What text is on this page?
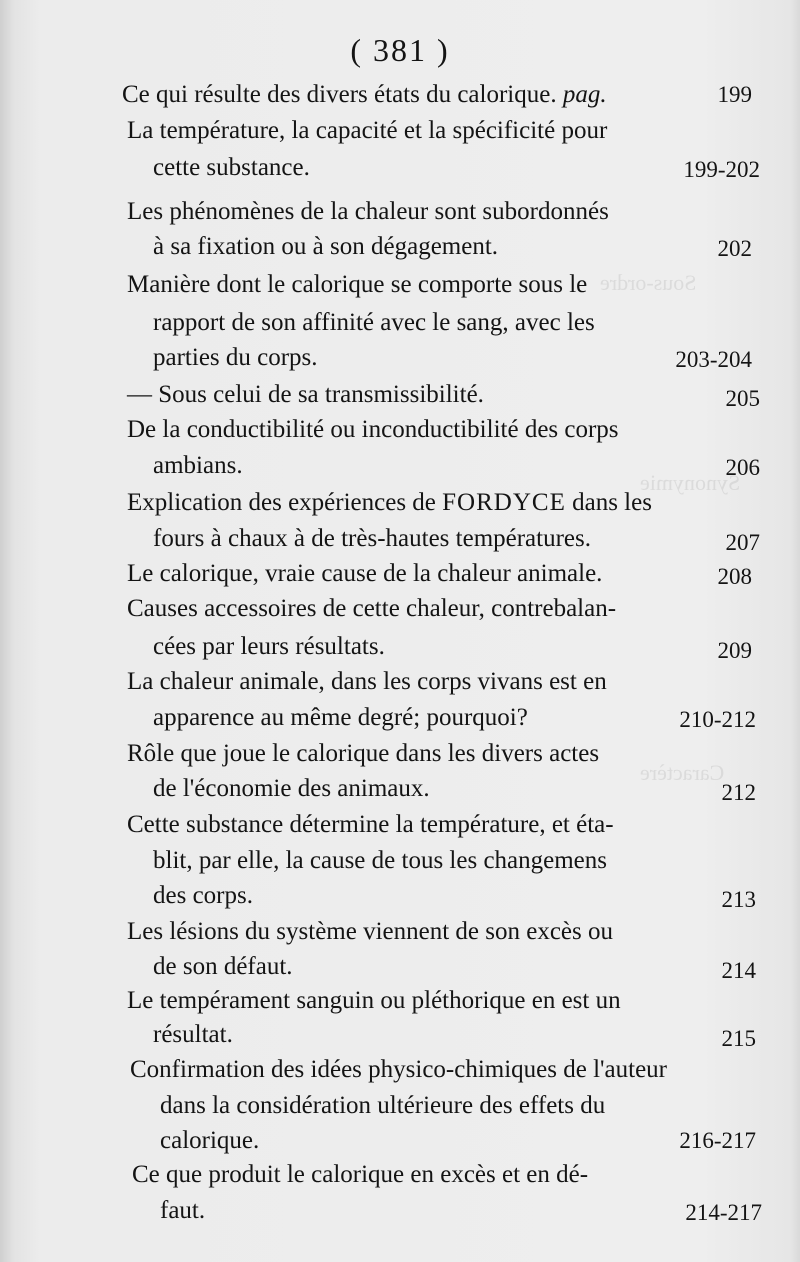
Sous-ordre
Synonymie
Caractère
( 381 )
Ce qui résulte des divers états du calorique. pag.	199
La température, la capacité et la spécificité pour
cette substance.	199-202
Les phénomènes de la chaleur sont subordonnés
à sa fixation ou à son dégagement.	202
Manière dont le calorique se comporte sous le
rapport de son affinité avec le sang, avec les
parties du corps.	203-204
— Sous celui de sa transmissibilité.	205
De la conductibilité ou inconductibilité des corps
ambians.	206
Explication des expériences de FORDYCE dans les
fours à chaux à de très-hautes températures.	207
Le calorique, vraie cause de la chaleur animale.	208
Causes accessoires de cette chaleur, contrebalan-
cées par leurs résultats.	209
La chaleur animale, dans les corps vivans est en
apparence au même degré; pourquoi?	210-212
Rôle que joue le calorique dans les divers actes
de l'économie des animaux.	212
Cette substance détermine la température, et éta-
blit, par elle, la cause de tous les changemens
des corps.	213
Les lésions du système viennent de son excès ou
de son défaut.	214
Le tempérament sanguin ou pléthorique en est un
résultat.	215
Confirmation des idées physico-chimiques de l'auteur
dans la considération ultérieure des effets du
calorique.	216-217
Ce que produit le calorique en excès et en dé-
faut.	214-217
